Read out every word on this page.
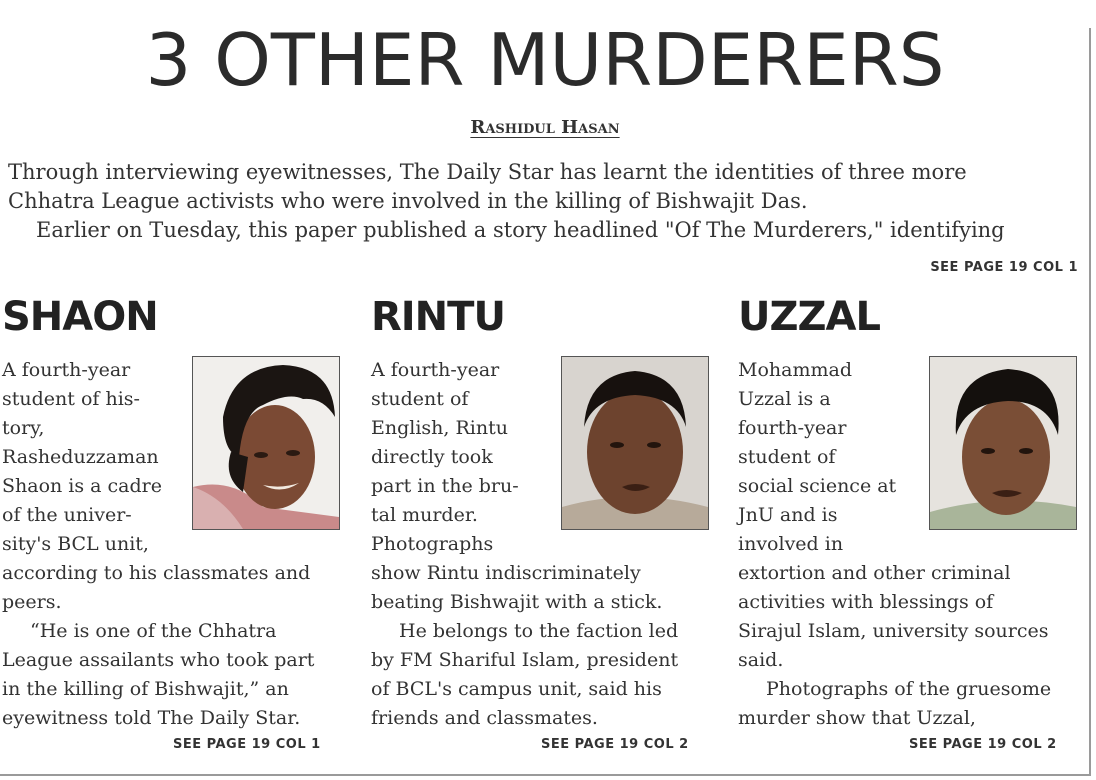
3 OTHER MURDERERS
Rashidul Hasan
Through interviewing eyewitnesses, The Daily Star has learnt the identities of three more
Chhatra League activists who were involved in the killing of Bishwajit Das.
Earlier on Tuesday, this paper published a story headlined "Of The Murderers," identifying
SEE PAGE 19 COL 1
SHAON
A fourth-year
student of his-
tory,
Rasheduzzaman
Shaon is a cadre
of the univer-
sity's BCL unit,
according to his classmates and
peers.
“He is one of the Chhatra
League assailants who took part
in the killing of Bishwajit,” an
eyewitness told The Daily Star.
SEE PAGE 19 COL 1
RINTU
A fourth-year
student of
English, Rintu
directly took
part in the bru-
tal murder.
Photographs
show Rintu indiscriminately
beating Bishwajit with a stick.
He belongs to the faction led
by FM Shariful Islam, president
of BCL's campus unit, said his
friends and classmates.
SEE PAGE 19 COL 2
UZZAL
Mohammad
Uzzal is a
fourth-year
student of
social science at
JnU and is
involved in
extortion and other criminal
activities with blessings of
Sirajul Islam, university sources
said.
Photographs of the gruesome
murder show that Uzzal,
SEE PAGE 19 COL 2
